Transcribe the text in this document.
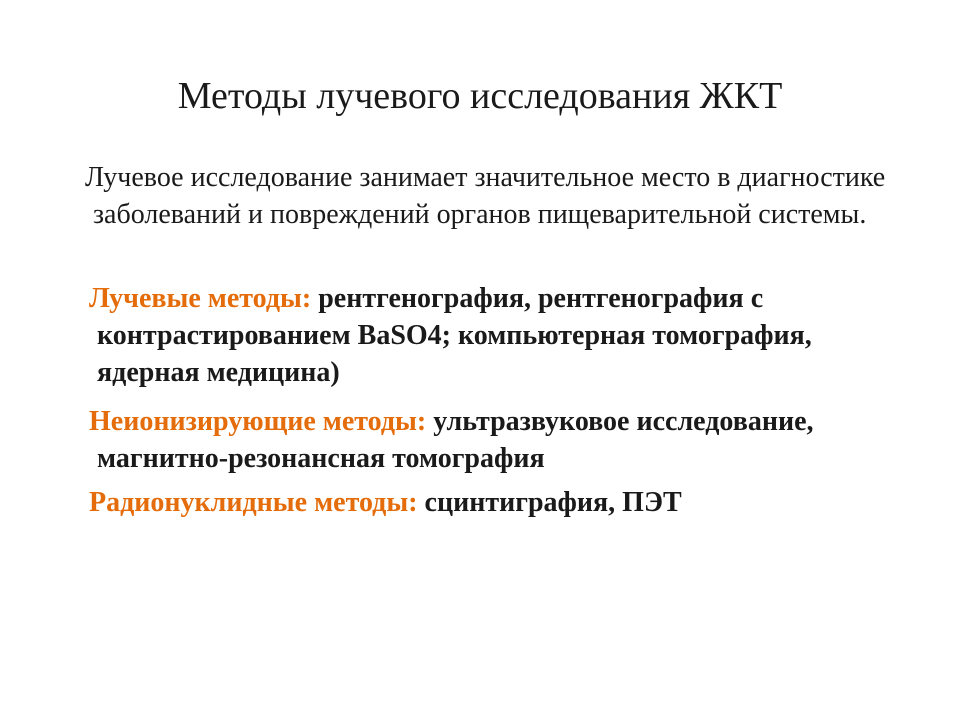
Методы лучевого исследования ЖКТ

Лучевое исследование занимает значительное место в диагностике заболеваний и повреждений органов пищеварительной системы.

Лучевые методы: рентгенография, рентгенография с контрастированием BaSO4; компьютерная томография, ядерная медицина)

Неионизирующие методы: ультразвуковое исследование, магнитно-резонансная томография

Радионуклидные методы: сцинтиграфия, ПЭТ
